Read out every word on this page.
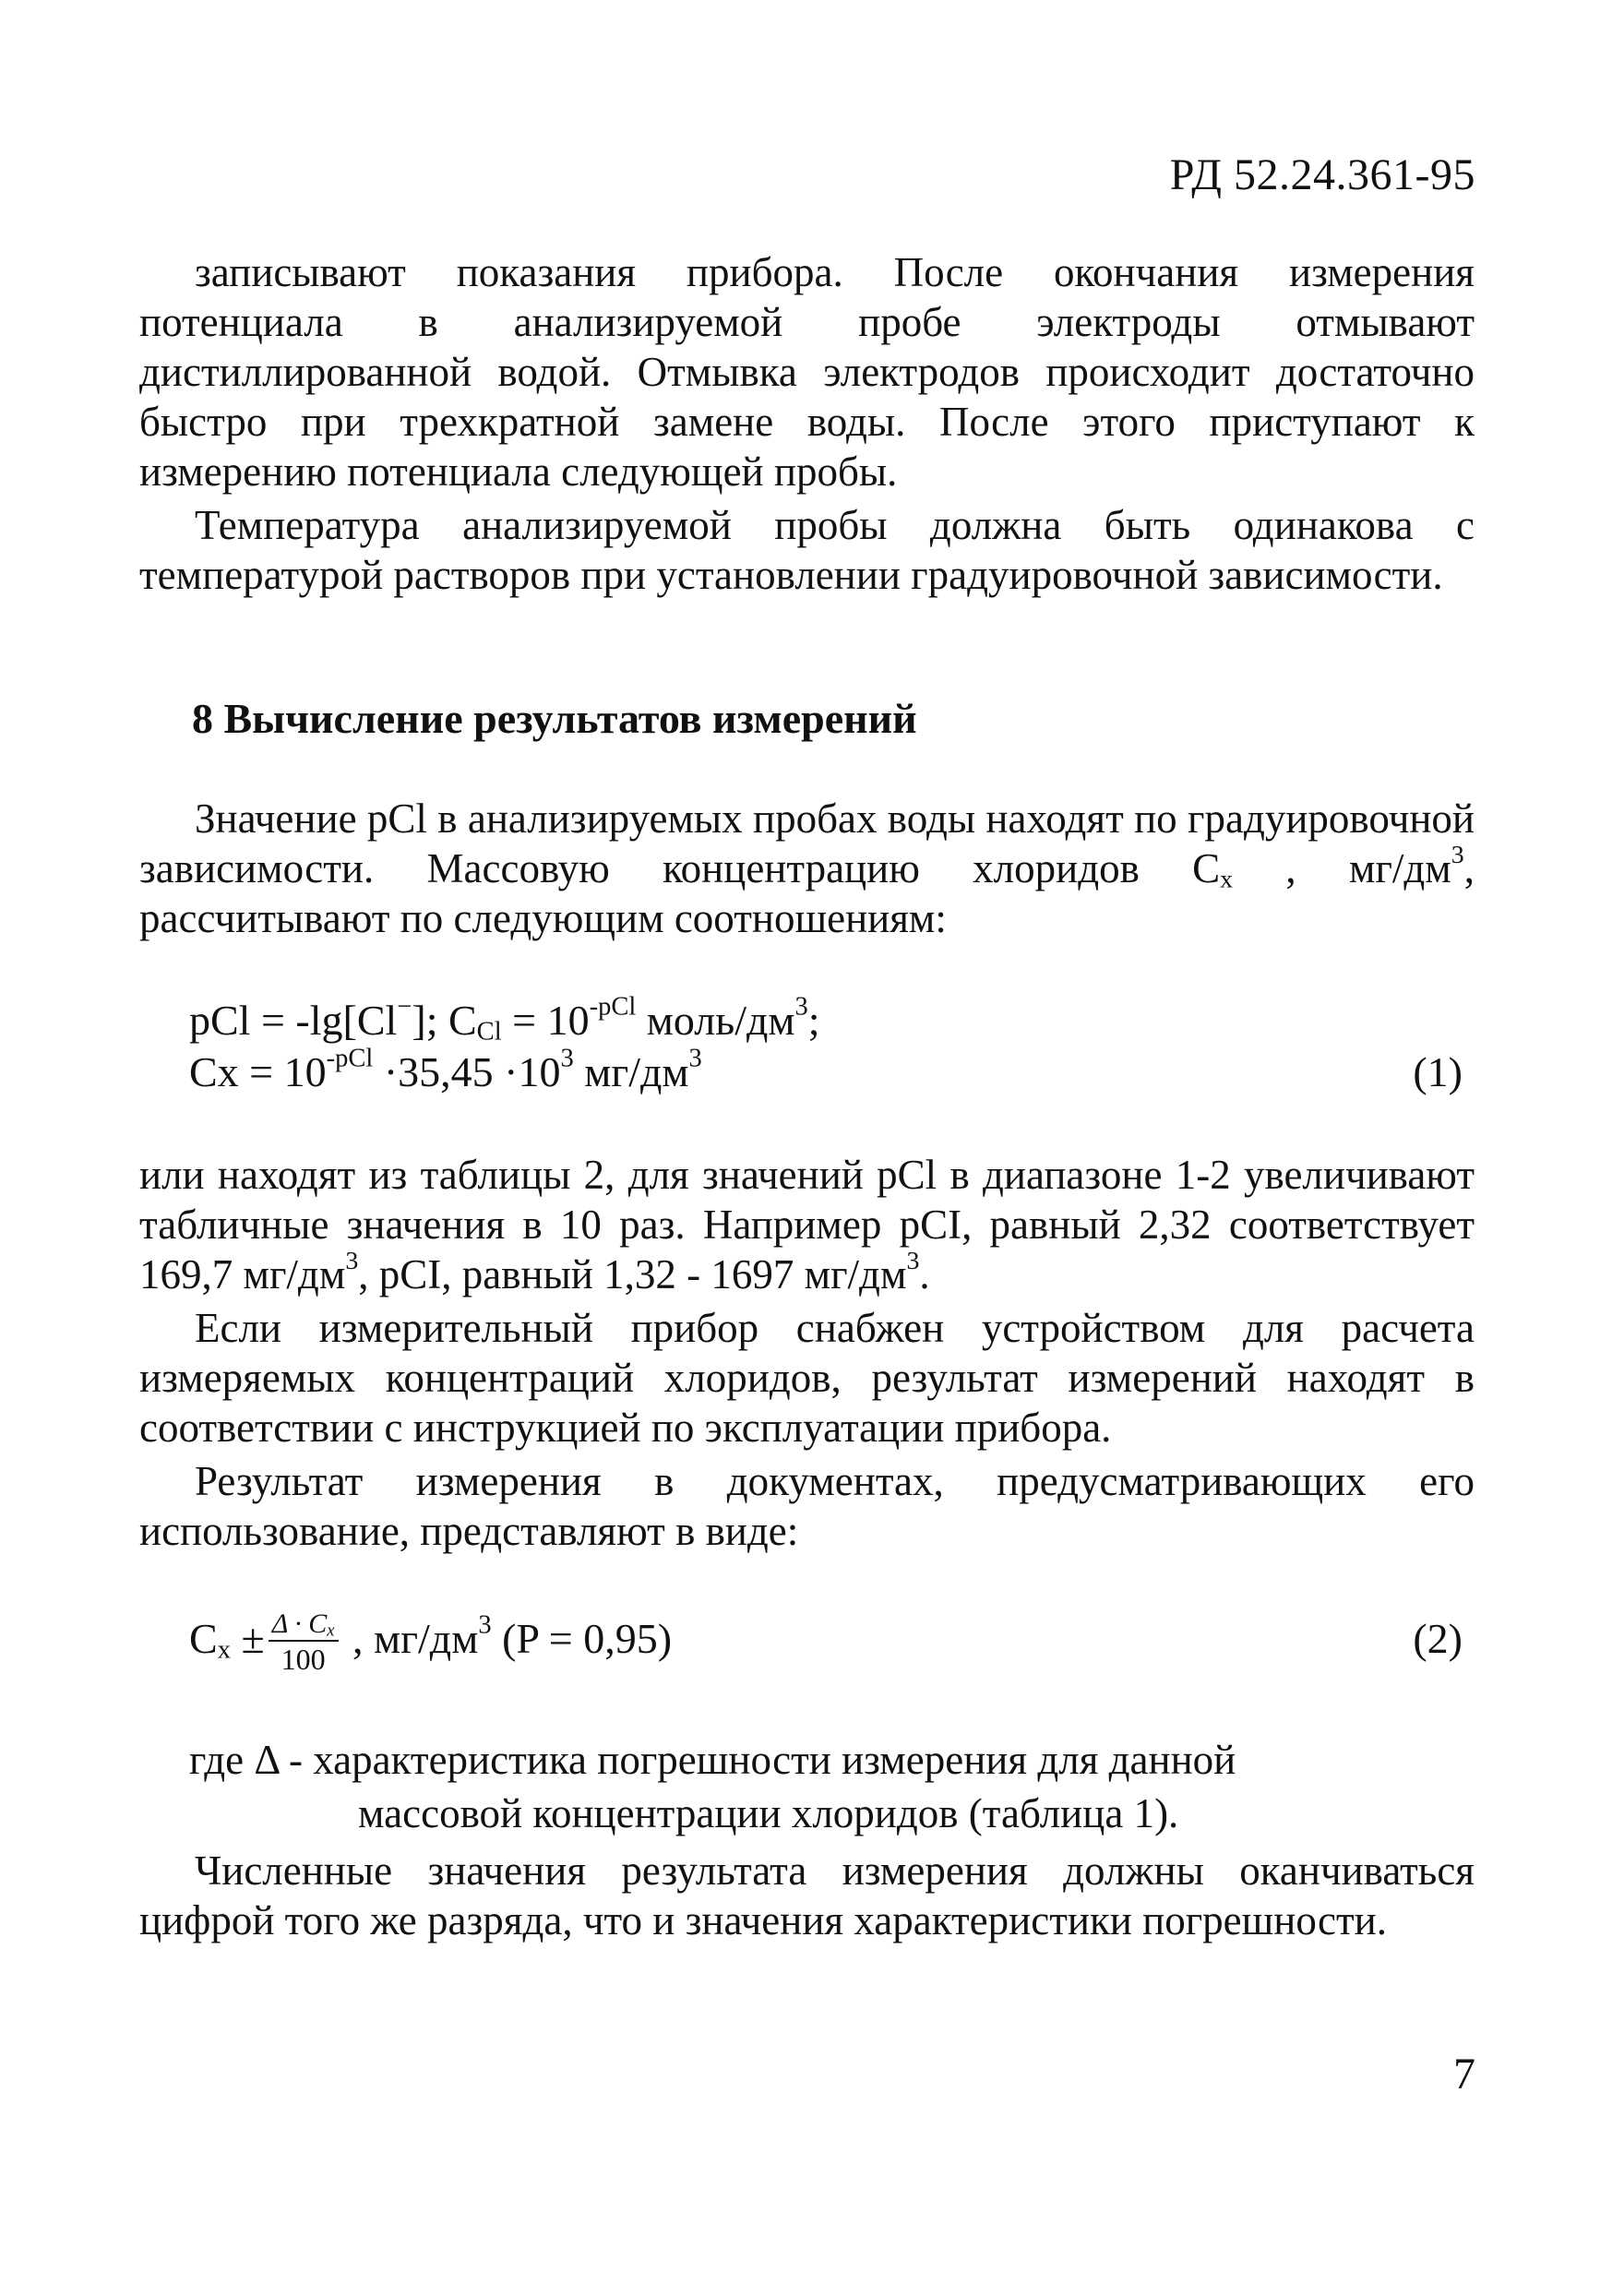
РД 52.24.361-95

записывают показания прибора. После окончания измерения потенциала в анализируемой пробе электроды отмывают дистиллированной водой. Отмывка электродов происходит достаточно быстро при трехкратной замене воды. После этого приступают к измерению потенциала следующей пробы.

Температура анализируемой пробы должна быть одинакова с температурой растворов при установлении градуировочной зависимости.

8 Вычисление результатов измерений

Значение pCl в анализируемых пробах воды находят по градуировочной зависимости. Массовую концентрацию хлоридов $C_x$ , $мг/дм^3$, рассчитывают по следующим соотношениям:

pCl = -lg[Cl−]; $C_{Cl} = 10^{-pCl}$ моль/$дм^3$;
$Cx = 10^{-pCl} \cdot 35,45 \cdot 10^3$ $мг/дм^3$	(1)

или находят из таблицы 2, для значений pCl в диапазоне 1-2 увеличивают табличные значения в 10 раз. Например pCI, равный 2,32 соответствует 169,7 $мг/дм^3$, pCI, равный 1,32 - 1697 $мг/дм^3$.

Если измерительный прибор снабжен устройством для расчета измеряемых концентраций хлоридов, результат измерений находят в соответствии с инструкцией по эксплуатации прибора.

Результат измерения в документах, предусматривающих его использование, представляют в виде:

$C_x \pm \frac{\Delta \cdot C_x}{100}$ , $мг/дм^3$ (P = 0,95)	(2)
где Δ - характеристика погрешности измерения для данной
массовой концентрации хлоридов (таблица 1).

Численные значения результата измерения должны оканчиваться цифрой того же разряда, что и значения характеристики погрешности.

7
